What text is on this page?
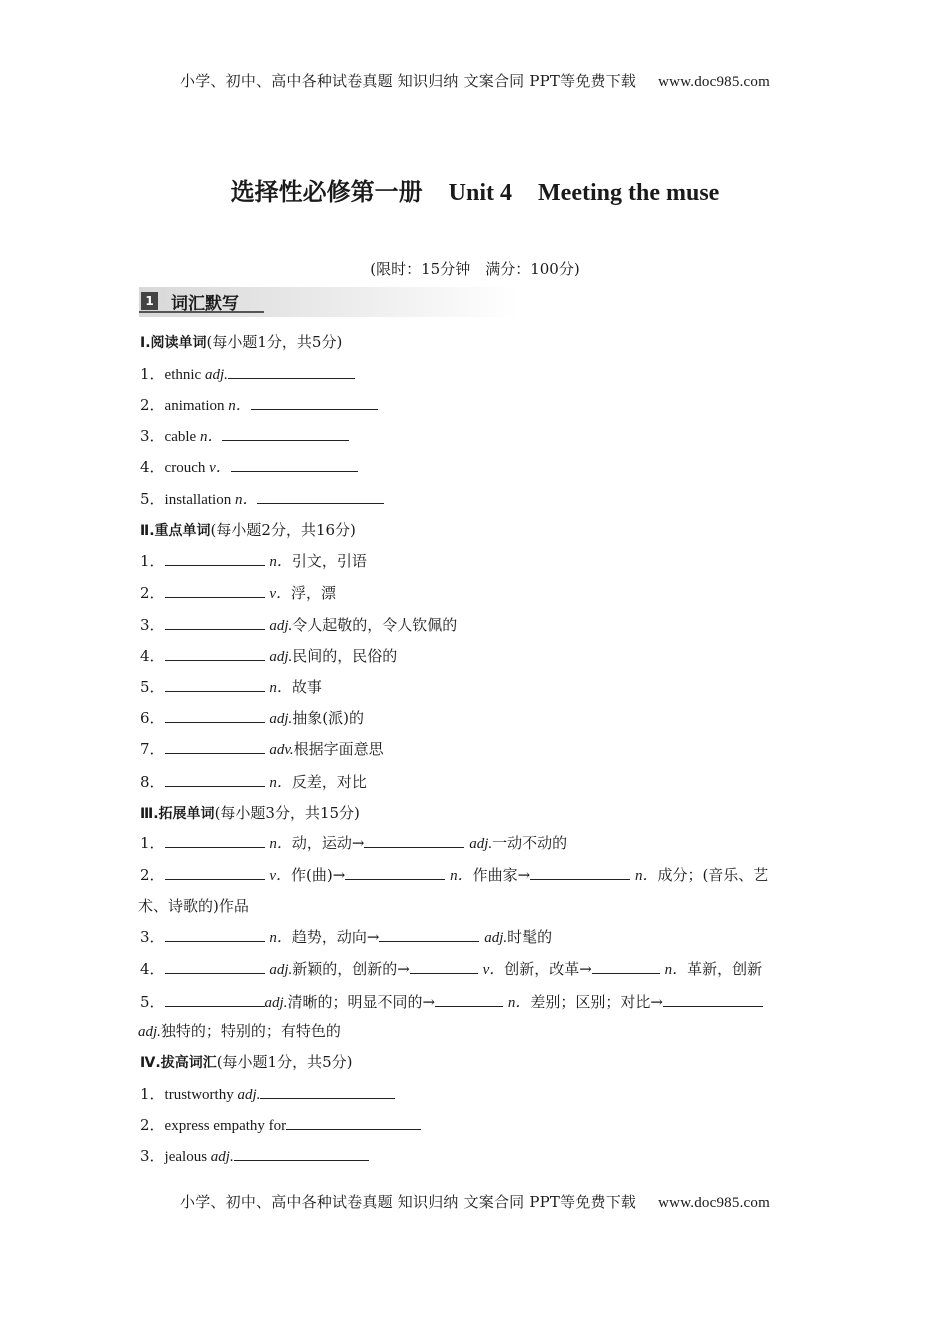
小学、初中、高中各种试卷真题 知识归纳 文案合同 PPT等免费下载 www.doc985.com
选择性必修第一册 Unit 4 Meeting the muse
(限时：15分钟　满分：100分)
1 词汇默写
Ⅰ.阅读单词(每小题1分，共5分)
1．ethnic adj.
2．animation n．
3．cable n．
4．crouch v．
5．installation n．
Ⅱ.重点单词(每小题2分，共16分)
1．	n．引文，引语
2．	v．浮，漂
3．	adj.令人起敬的，令人钦佩的
4．	adj.民间的，民俗的
5．	n．故事
6．	adj.抽象(派)的
7．	adv.根据字面意思
8．	n．反差，对比
Ⅲ.拓展单词(每小题3分，共15分)
1．	n．动，运动→	adj.一动不动的
2．	v．作(曲)→	n．作曲家→	n．成分；(音乐、艺
术、诗歌的)作品
3．	n．趋势，动向→	adj.时髦的
4．	adj.新颖的，创新的→	v．创新，改革→	n．革新，创新
5．	adj.清晰的；明显不同的→	n．差别；区别；对比→
adj.独特的；特别的；有特色的
Ⅳ.拔高词汇(每小题1分，共5分)
1．trustworthy adj.
2．express empathy for
3．jealous adj.
小学、初中、高中各种试卷真题 知识归纳 文案合同 PPT等免费下载 www.doc985.com
